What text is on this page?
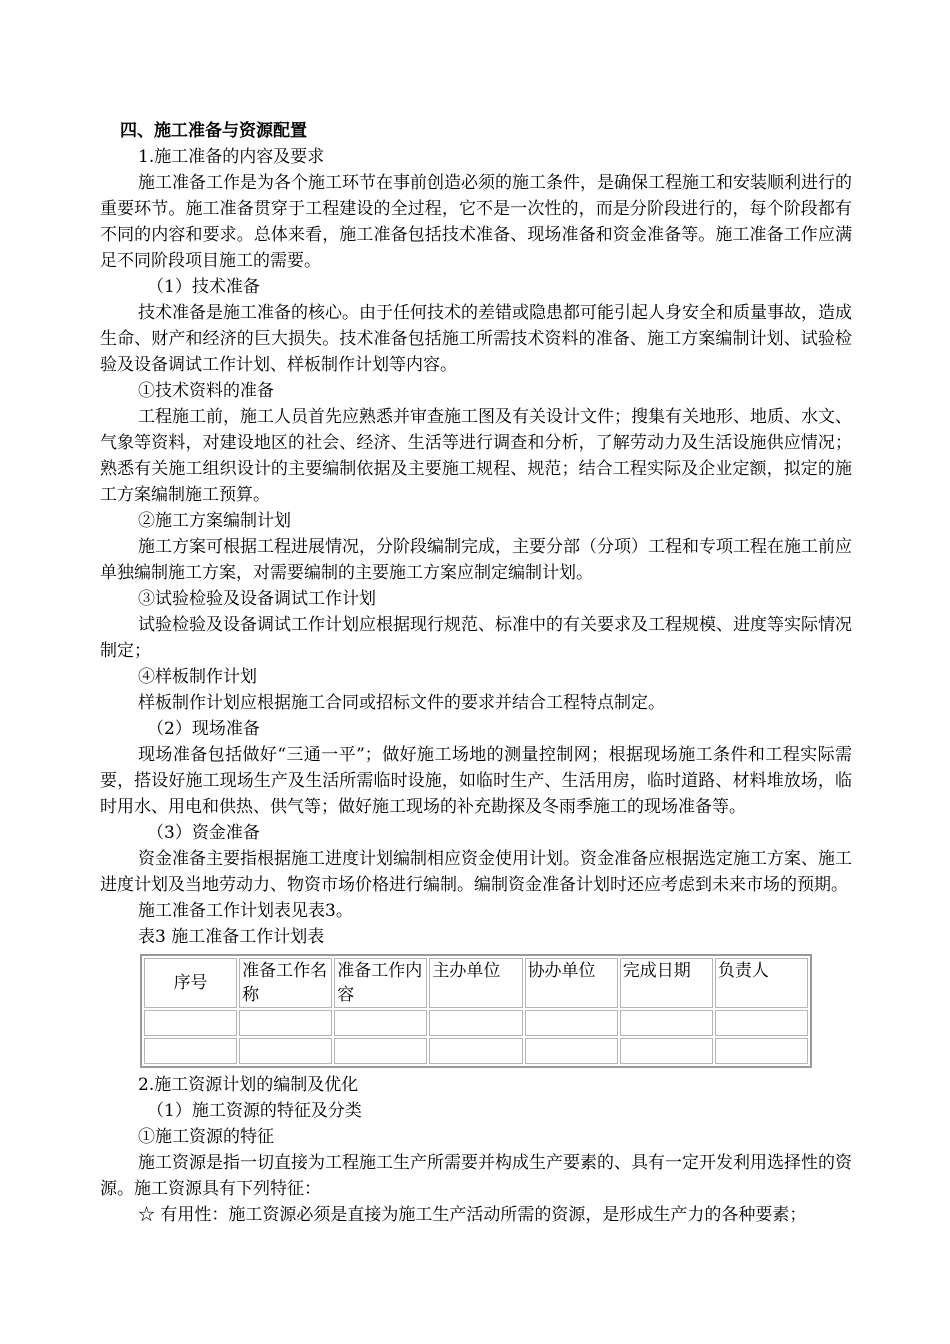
四、施工准备与资源配置

1.施工准备的内容及要求

施工准备工作是为各个施工环节在事前创造必须的施工条件，是确保工程施工和安装顺利进行的重要环节。施工准备贯穿于工程建设的全过程，它不是一次性的，而是分阶段进行的，每个阶段都有不同的内容和要求。总体来看，施工准备包括技术准备、现场准备和资金准备等。施工准备工作应满足不同阶段项目施工的需要。

（1）技术准备

技术准备是施工准备的核心。由于任何技术的差错或隐患都可能引起人身安全和质量事故，造成生命、财产和经济的巨大损失。技术准备包括施工所需技术资料的准备、施工方案编制计划、试验检验及设备调试工作计划、样板制作计划等内容。

①技术资料的准备

工程施工前，施工人员首先应熟悉并审查施工图及有关设计文件；搜集有关地形、地质、水文、气象等资料，对建设地区的社会、经济、生活等进行调查和分析，了解劳动力及生活设施供应情况；熟悉有关施工组织设计的主要编制依据及主要施工规程、规范；结合工程实际及企业定额，拟定的施工方案编制施工预算。

②施工方案编制计划

施工方案可根据工程进展情况，分阶段编制完成，主要分部（分项）工程和专项工程在施工前应单独编制施工方案，对需要编制的主要施工方案应制定编制计划。

③试验检验及设备调试工作计划

试验检验及设备调试工作计划应根据现行规范、标准中的有关要求及工程规模、进度等实际情况制定；

④样板制作计划

样板制作计划应根据施工合同或招标文件的要求并结合工程特点制定。

（2）现场准备

现场准备包括做好“三通一平”；做好施工场地的测量控制网；根据现场施工条件和工程实际需要，搭设好施工现场生产及生活所需临时设施，如临时生产、生活用房，临时道路、材料堆放场，临时用水、用电和供热、供气等；做好施工现场的补充勘探及冬雨季施工的现场准备等。

（3）资金准备

资金准备主要指根据施工进度计划编制相应资金使用计划。资金准备应根据选定施工方案、施工进度计划及当地劳动力、物资市场价格进行编制。编制资金准备计划时还应考虑到未来市场的预期。

施工准备工作计划表见表3。

表3 施工准备工作计划表

序号	准备工作名称	准备工作内容	主办单位	协办单位	完成日期	负责人

2.施工资源计划的编制及优化

（1）施工资源的特征及分类

①施工资源的特征

施工资源是指一切直接为工程施工生产所需要并构成生产要素的、具有一定开发利用选择性的资源。施工资源具有下列特征：

☆ 有用性：施工资源必须是直接为施工生产活动所需的资源，是形成生产力的各种要素；
